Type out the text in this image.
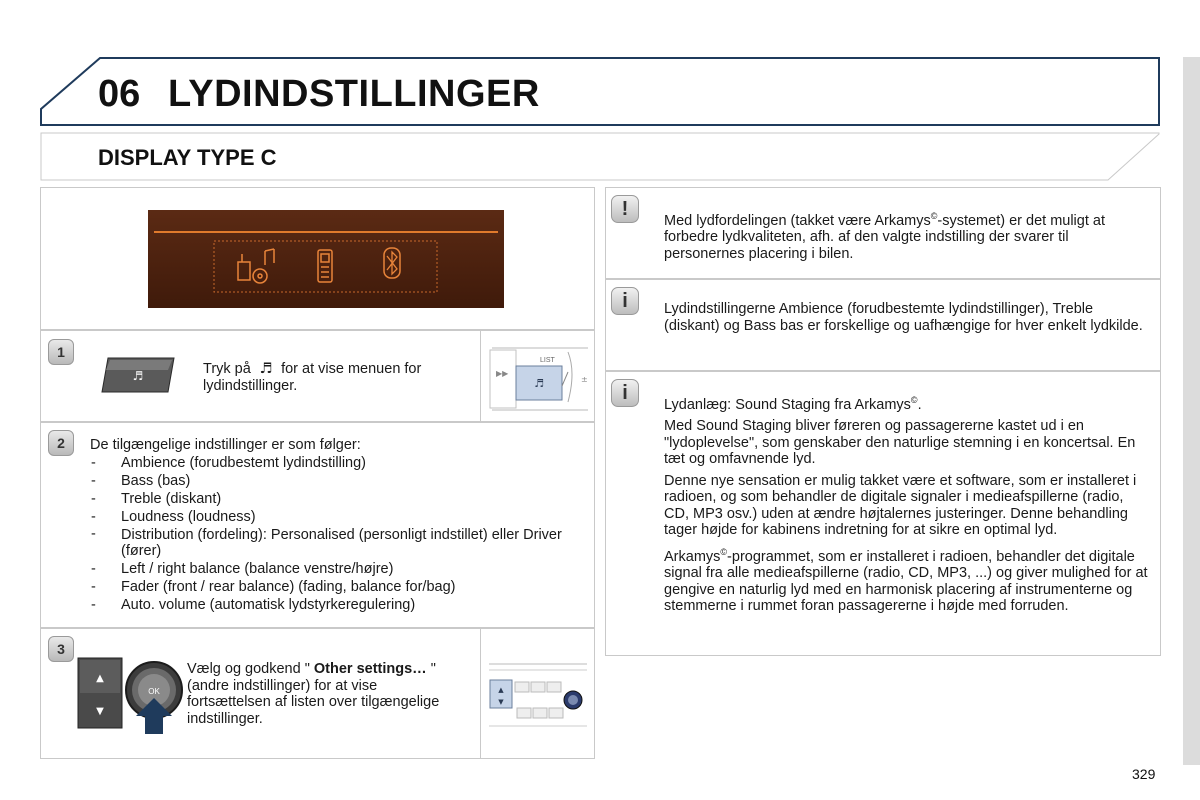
06 LYDINDSTILLINGER
DISPLAY TYPE C
1
♬	Tryk på  ♬  for at vise menuen for lydindstillinger.
▶▶
♬
LIST
±
2	De tilgængelige indstillinger er som følger:
- Ambience (forudbestemt lydindstilling)
- Bass (bas)
- Treble (diskant)
- Loudness (loudness)
- Distribution (fordeling): Personalised (personligt indstillet) eller Driver (fører)
- Left / right balance (balance venstre/højre)
- Fader (front / rear balance) (fading, balance for/bag)
- Auto. volume (automatisk lydstyrkeregulering)
3
▲
▼
OK
Vælg og godkend " Other settings… " (andre indstillinger) for at vise fortsættelsen af listen over tilgængelige indstillinger.
▲
▼
!
Med lydfordelingen (takket være Arkamys©-systemet) er det muligt at forbedre lydkvaliteten, afh. af den valgte indstilling der svarer til personernes placering i bilen.
i	Lydindstillingerne Ambience (forudbestemte lydindstillinger), Treble (diskant) og Bass bas er forskellige og uafhængige for hver enkelt lydkilde.
i

Lydanlæg: Sound Staging fra Arkamys©.

Med Sound Staging bliver føreren og passagererne kastet ud i en "lydoplevelse", som genskaber den naturlige stemning i en koncertsal. En tæt og omfavnende lyd.

Denne nye sensation er mulig takket være et software, som er installeret i radioen, og som behandler de digitale signaler i medieafspillerne (radio, CD, MP3 osv.) uden at ændre højtalernes justeringer. Denne behandling tager højde for kabinens indretning for at sikre en optimal lyd.

Arkamys©-programmet, som er installeret i radioen, behandler det digitale signal fra alle medieafspillerne (radio, CD, MP3, ...) og giver mulighed for at gengive en naturlig lyd med en harmonisk placering af instrumenterne og stemmerne i rummet foran passagererne i højde med forruden.

329
